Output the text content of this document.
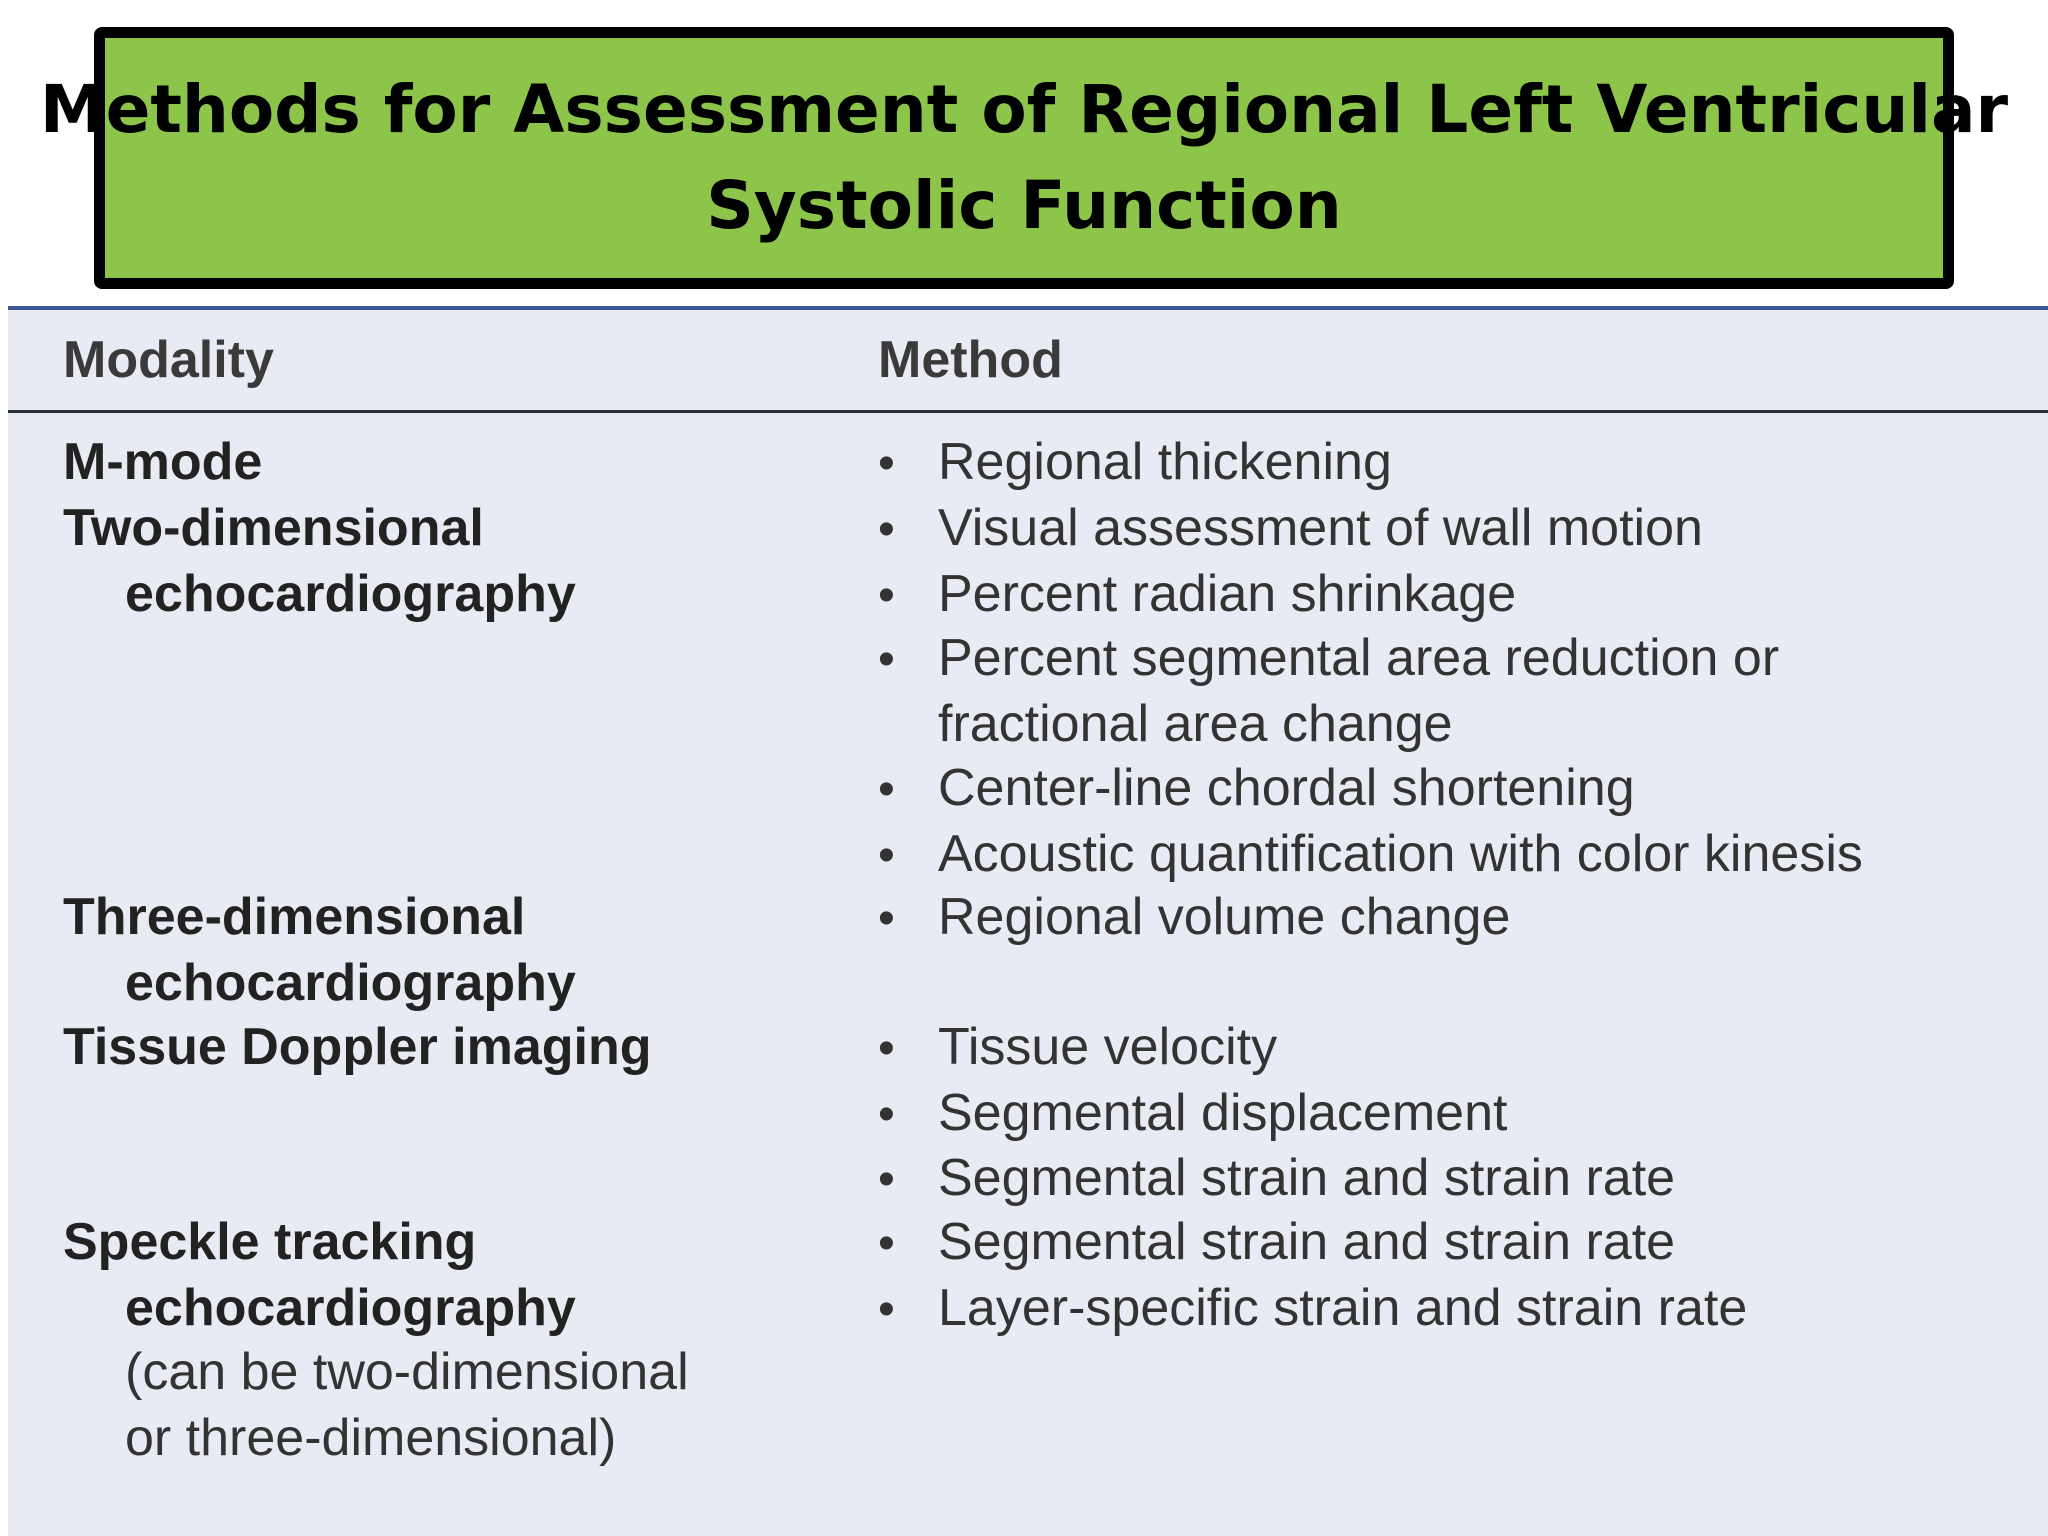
Methods for Assessment of Regional Left Ventricular
Systolic Function
Modality	Method
M-mode
Two-dimensional
echocardiography
Three-dimensional
echocardiography
Tissue Doppler imaging
Speckle tracking
echocardiography
(can be two-dimensional
or three-dimensional)
• Regional thickening
• Visual assessment of wall motion
• Percent radian shrinkage
• Percent segmental area reduction or
fractional area change
• Center-line chordal shortening
• Acoustic quantification with color kinesis
• Regional volume change
• Tissue velocity
• Segmental displacement
• Segmental strain and strain rate
• Segmental strain and strain rate
• Layer-specific strain and strain rate
